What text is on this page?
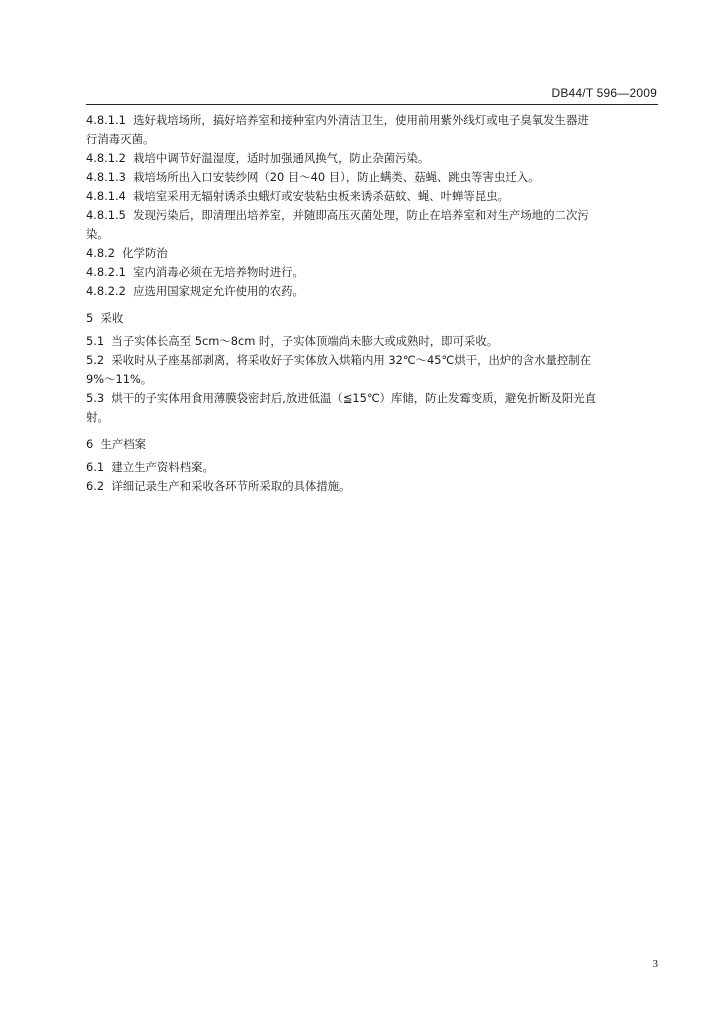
DB44/T 596—2009
4.8.1.1  选好栽培场所，搞好培养室和接种室内外清洁卫生，使用前用紫外线灯或电子臭氧发生器进
行消毒灭菌。
4.8.1.2  栽培中调节好温湿度，适时加强通风换气，防止杂菌污染。
4.8.1.3  栽培场所出入口安装纱网（20 目～40 目），防止螨类、菇蝇、跳虫等害虫迁入。
4.8.1.4  栽培室采用无辐射诱杀虫蛾灯或安装粘虫板来诱杀菇蚊、蝇、叶蝉等昆虫。
4.8.1.5  发现污染后，即清理出培养室，并随即高压灭菌处理，防止在培养室和对生产场地的二次污
染。
4.8.2  化学防治
4.8.2.1  室内消毒必须在无培养物时进行。
4.8.2.2  应选用国家规定允许使用的农药。
5  采收
5.1  当子实体长高至 5cm～8cm 时，子实体顶端尚未膨大或成熟时，即可采收。
5.2  采收时从子座基部剥离，将采收好子实体放入烘箱内用 32℃～45℃烘干，出炉的含水量控制在
9%～11%。
5.3  烘干的子实体用食用薄膜袋密封后,放进低温（≦15℃）库储，防止发霉变质，避免折断及阳光直
射。
6  生产档案
6.1  建立生产资料档案。
6.2  详细记录生产和采收各环节所采取的具体措施。
3
